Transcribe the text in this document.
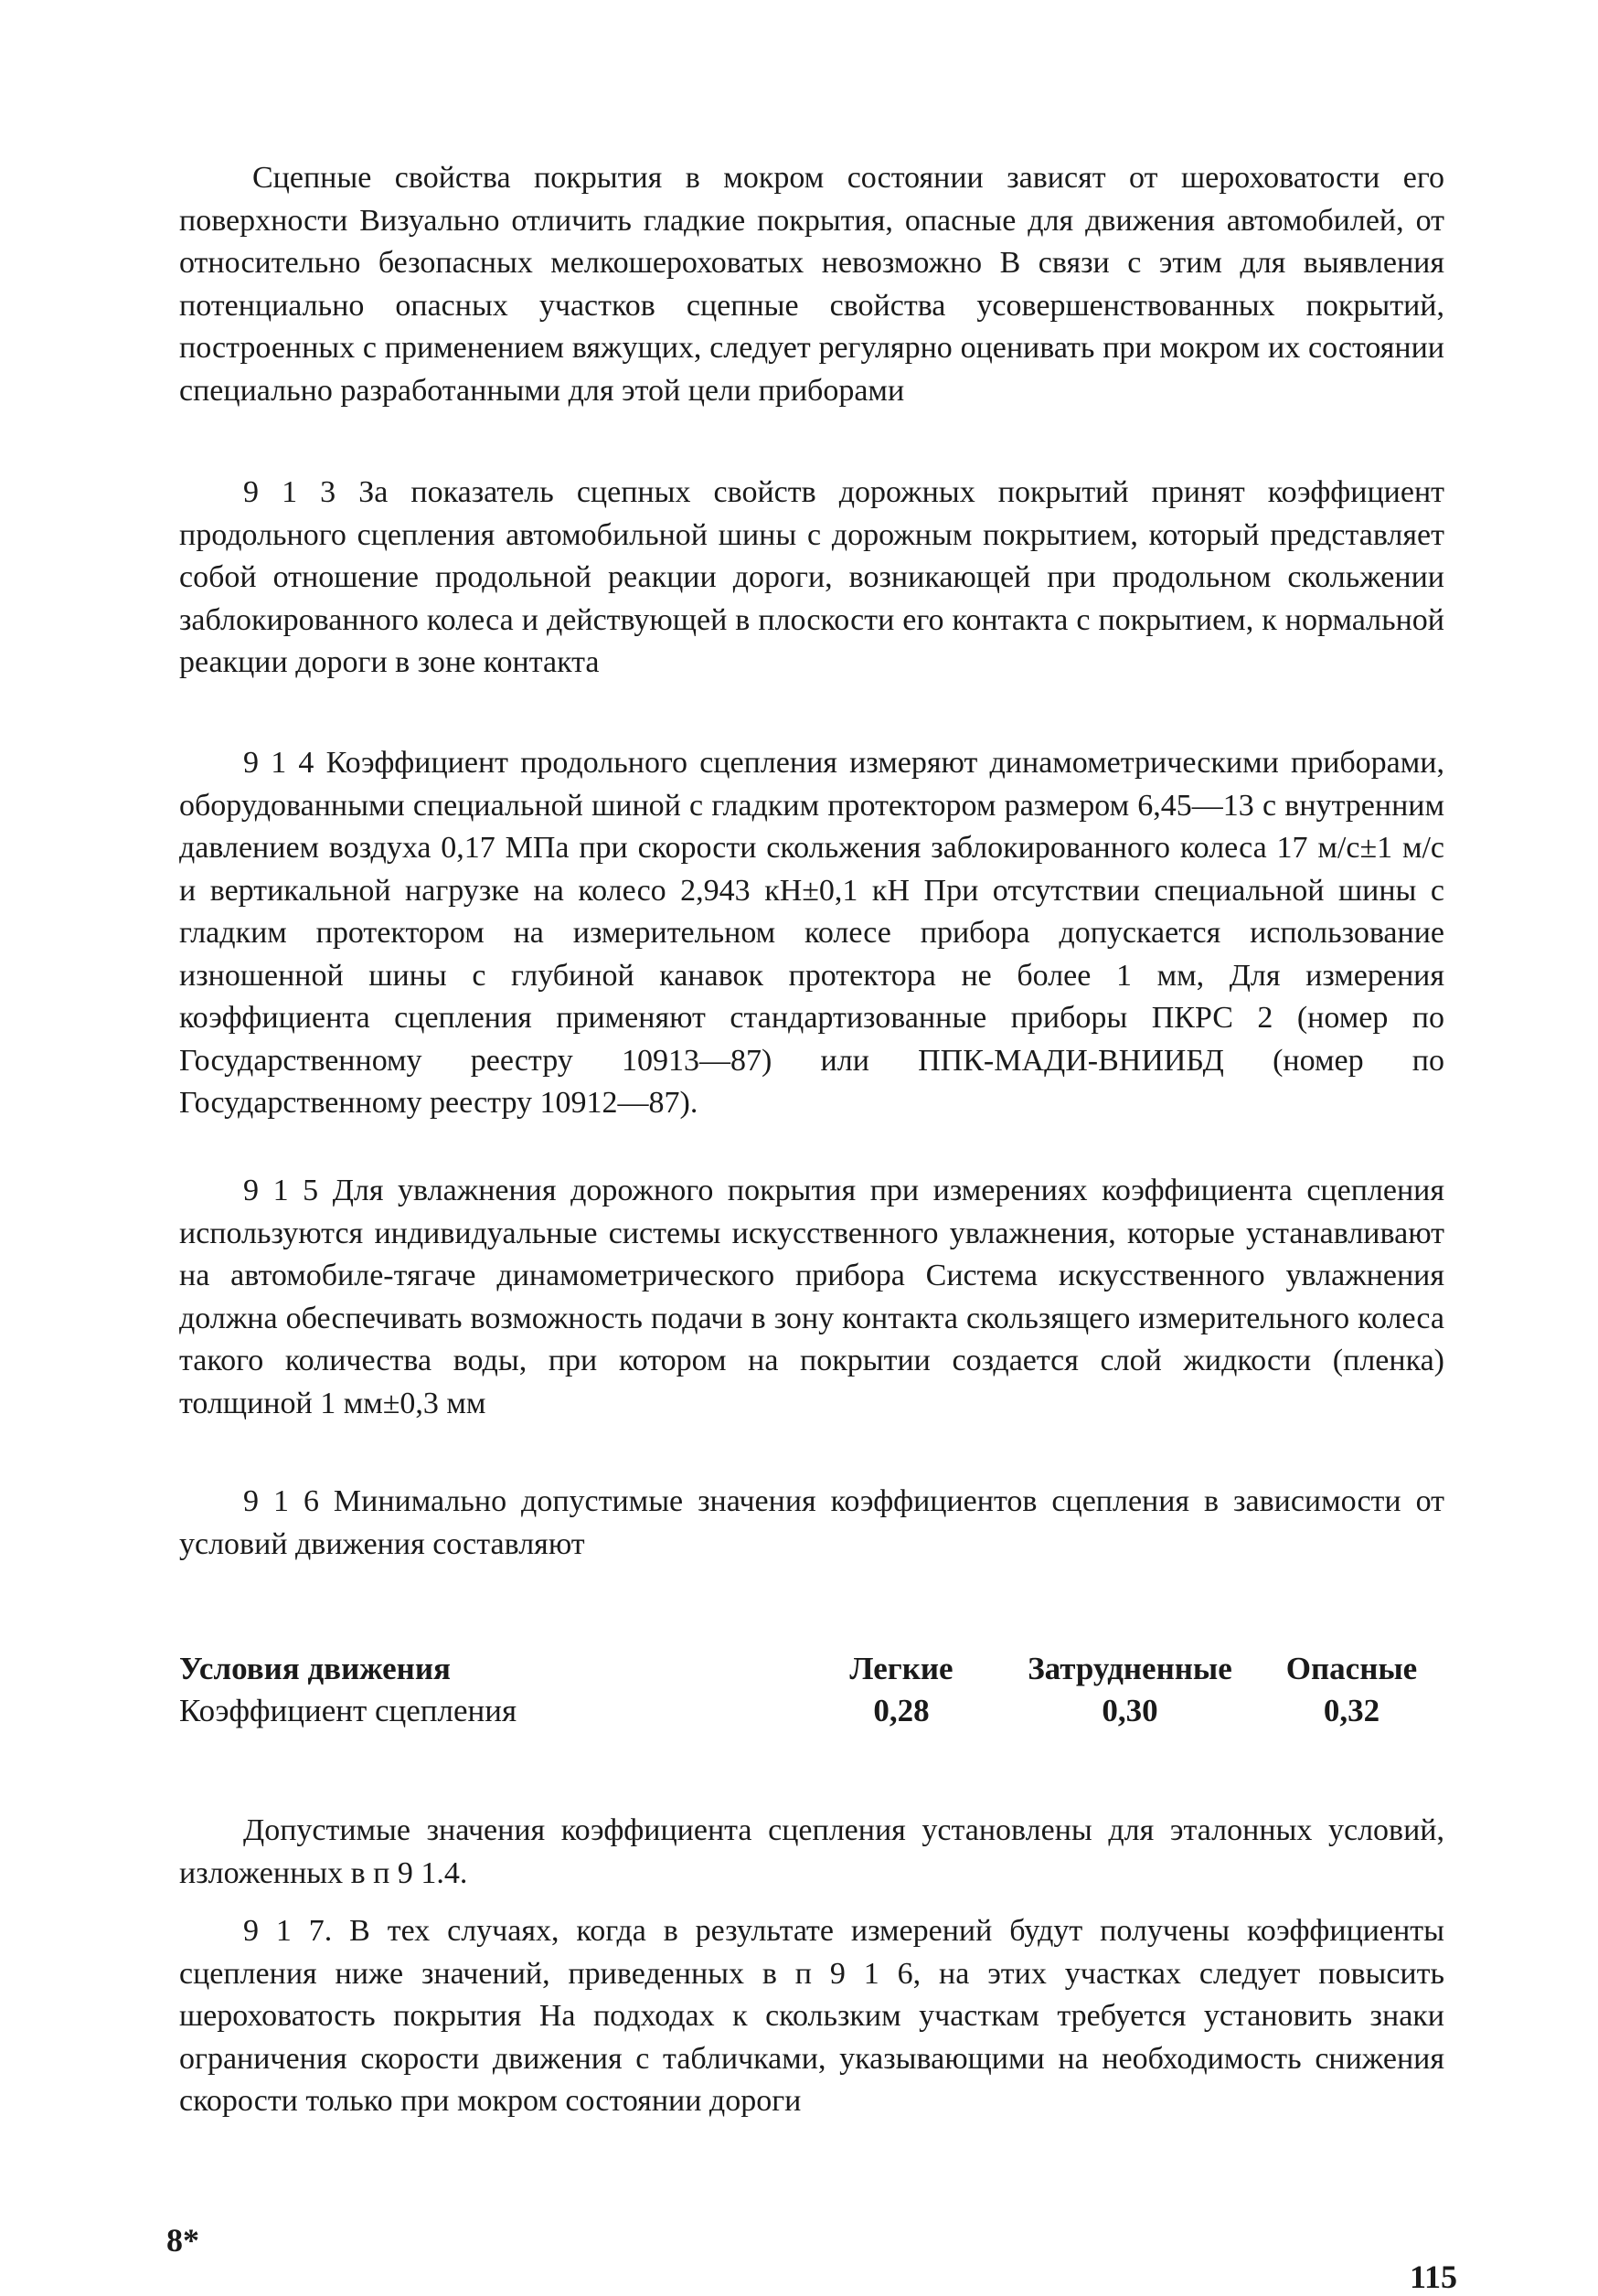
Сцепные свойства покрытия в мокром состоянии зависят от шероховатости его поверхности Визуально отличить гладкие покрытия, опасные для движения автомобилей, от относительно безопасных мелкошероховатых невозможно В связи с этим для выявления потенциально опасных участков сцепные свойства усовершенствованных покрытий, построенных с применением вяжущих, следует регулярно оценивать при мокром их состоянии специально разработанными для этой цели приборами

9 1 3 За показатель сцепных свойств дорожных покрытий принят коэффициент продольного сцепления автомобильной шины с дорожным покрытием, который представляет собой отношение продольной реакции дороги, возникающей при продольном скольжении заблокированного колеса и действующей в плоскости его контакта с покрытием, к нормальной реакции дороги в зоне контакта

9 1 4 Коэффициент продольного сцепления измеряют динамометрическими приборами, оборудованными специальной шиной с гладким протектором размером 6,45—13 с внутренним давлением воздуха 0,17 МПа при скорости скольжения заблокированного колеса 17 м/с±1 м/с и вертикальной нагрузке на колесо 2,943 кН±0,1 кН При отсутствии специальной шины с гладким протектором на измерительном колесе прибора допускается использование изношенной шины с глубиной канавок протектора не более 1 мм, Для измерения коэффициента сцепления применяют стандартизованные приборы ПКРС 2 (номер по Государственному реестру 10913—87) или ППК-МАДИ-ВНИИБД (номер по Государственному реестру 10912—87).

9 1 5 Для увлажнения дорожного покрытия при измерениях коэффициента сцепления используются индивидуальные системы искусственного увлажнения, которые устанавливают на автомобиле-тягаче динамометрического прибора Система искусственного увлажнения должна обеспечивать возможность подачи в зону контакта скользящего измерительного колеса такого количества воды, при котором на покрытии создается слой жидкости (пленка) толщиной 1 мм±0,3 мм

9 1 6 Минимально допустимые значения коэффициентов сцепления в зависимости от условий движения составляют

Условия движения	Легкие	Затрудненные	Опасные
Коэффициент сцепления	0,28	0,30	0,32

Допустимые значения коэффициента сцепления установлены для эталонных условий, изложенных в п 9 1.4.

9 1 7. В тех случаях, когда в результате измерений будут получены коэффициенты сцепления ниже значений, приведенных в п 9 1 6, на этих участках следует повысить шероховатость покрытия На подходах к скользким участкам требуется установить знаки ограничения скорости движения с табличками, указывающими на необходимость снижения скорости только при мокром состоянии дороги

8*
115
